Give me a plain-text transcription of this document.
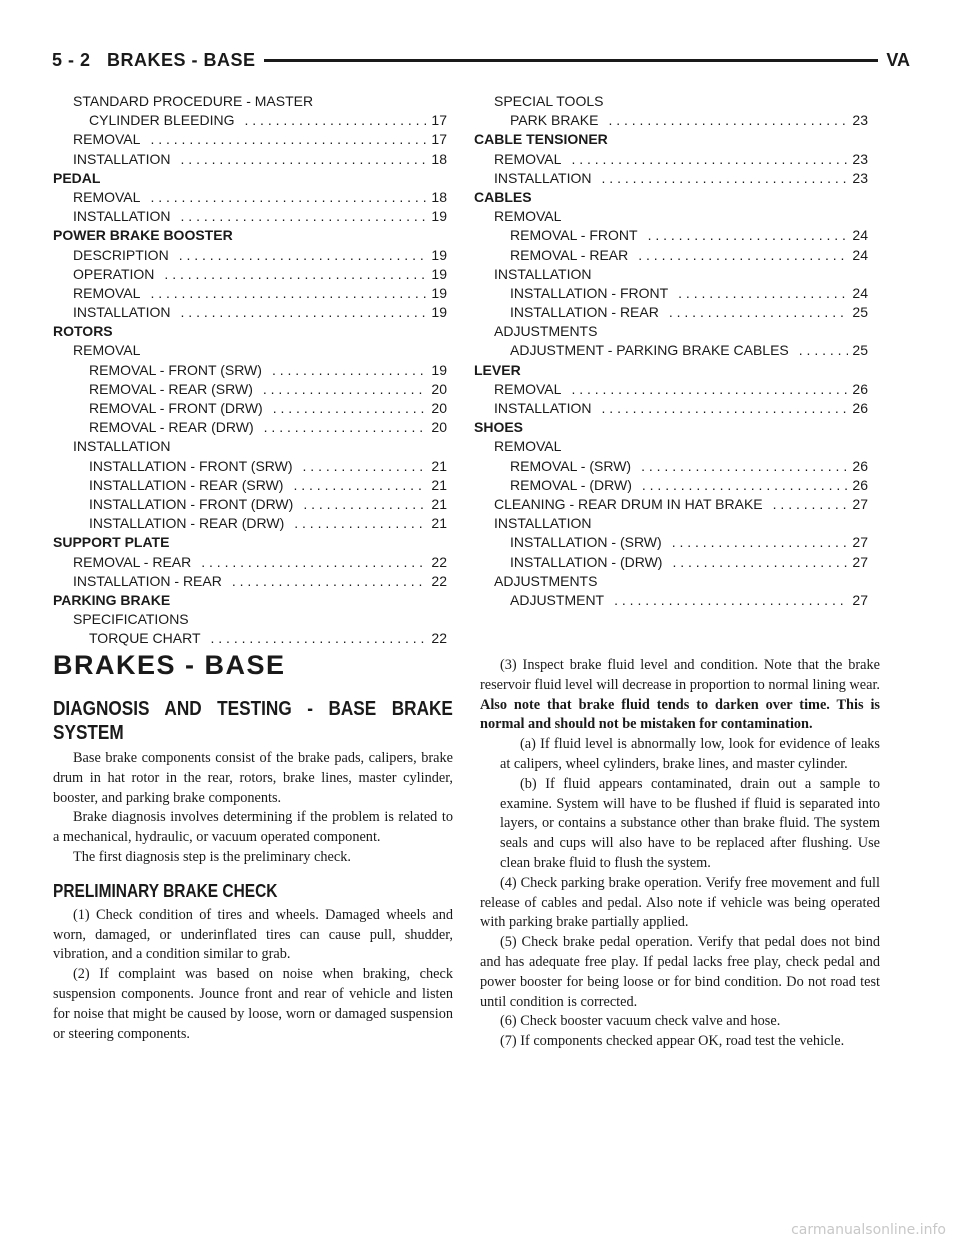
5 - 2 BRAKES - BASE	VA
STANDARD PROCEDURE - MASTER
CYLINDER BLEEDING . . .	17
REMOVAL . . .	17
INSTALLATION . . .	18
PEDAL
REMOVAL . . .	18
INSTALLATION . . .	19
POWER BRAKE BOOSTER
DESCRIPTION . . .	19
OPERATION . . .	19
REMOVAL . . .	19
INSTALLATION . . .	19
ROTORS
REMOVAL
REMOVAL - FRONT (SRW) . . .	19
REMOVAL - REAR (SRW) . . .	20
REMOVAL - FRONT (DRW) . . .	20
REMOVAL - REAR (DRW) . . .	20
INSTALLATION
INSTALLATION - FRONT (SRW) . . .	21
INSTALLATION - REAR (SRW) . . .	21
INSTALLATION - FRONT (DRW) . . .	21
INSTALLATION - REAR (DRW) . . .	21
SUPPORT PLATE
REMOVAL - REAR . . .	22
INSTALLATION - REAR . . .	22
PARKING BRAKE
SPECIFICATIONS
TORQUE CHART . . .	22
SPECIAL TOOLS
PARK BRAKE . . .	23
CABLE TENSIONER
REMOVAL . . .	23
INSTALLATION . . .	23
CABLES
REMOVAL
REMOVAL - FRONT . . .	24
REMOVAL - REAR . . .	24
INSTALLATION
INSTALLATION - FRONT . . .	24
INSTALLATION - REAR . . .	25
ADJUSTMENTS
ADJUSTMENT - PARKING BRAKE CABLES . . .	25
LEVER
REMOVAL . . .	26
INSTALLATION . . .	26
SHOES
REMOVAL
REMOVAL - (SRW) . . .	26
REMOVAL - (DRW) . . .	26
CLEANING - REAR DRUM IN HAT BRAKE . . .	27
INSTALLATION
INSTALLATION - (SRW) . . .	27
INSTALLATION - (DRW) . . .	27
ADJUSTMENTS
ADJUSTMENT . . .	27
BRAKES - BASE
DIAGNOSIS AND TESTING - BASE BRAKE SYSTEM

Base brake components consist of the brake pads, calipers, brake drum in hat rotor in the rear, rotors, brake lines, master cylinder, booster, and parking brake components.

Brake diagnosis involves determining if the problem is related to a mechanical, hydraulic, or vacuum operated component.

The first diagnosis step is the preliminary check.

PRELIMINARY BRAKE CHECK

(1) Check condition of tires and wheels. Damaged wheels and worn, damaged, or underinflated tires can cause pull, shudder, vibration, and a condition similar to grab.

(2) If complaint was based on noise when braking, check suspension components. Jounce front and rear of vehicle and listen for noise that might be caused by loose, worn or damaged suspension or steering components.

(3) Inspect brake fluid level and condition. Note that the brake reservoir fluid level will decrease in proportion to normal lining wear. Also note that brake fluid tends to darken over time. This is normal and should not be mistaken for contamination.

(a) If fluid level is abnormally low, look for evidence of leaks at calipers, wheel cylinders, brake lines, and master cylinder.

(b) If fluid appears contaminated, drain out a sample to examine. System will have to be flushed if fluid is separated into layers, or contains a substance other than brake fluid. The system seals and cups will also have to be replaced after flushing. Use clean brake fluid to flush the system.

(4) Check parking brake operation. Verify free movement and full release of cables and pedal. Also note if vehicle was being operated with parking brake partially applied.

(5) Check brake pedal operation. Verify that pedal does not bind and has adequate free play. If pedal lacks free play, check pedal and power booster for being loose or for bind condition. Do not road test until condition is corrected.

(6) Check booster vacuum check valve and hose.

(7) If components checked appear OK, road test the vehicle.

carmanualsonline.info
